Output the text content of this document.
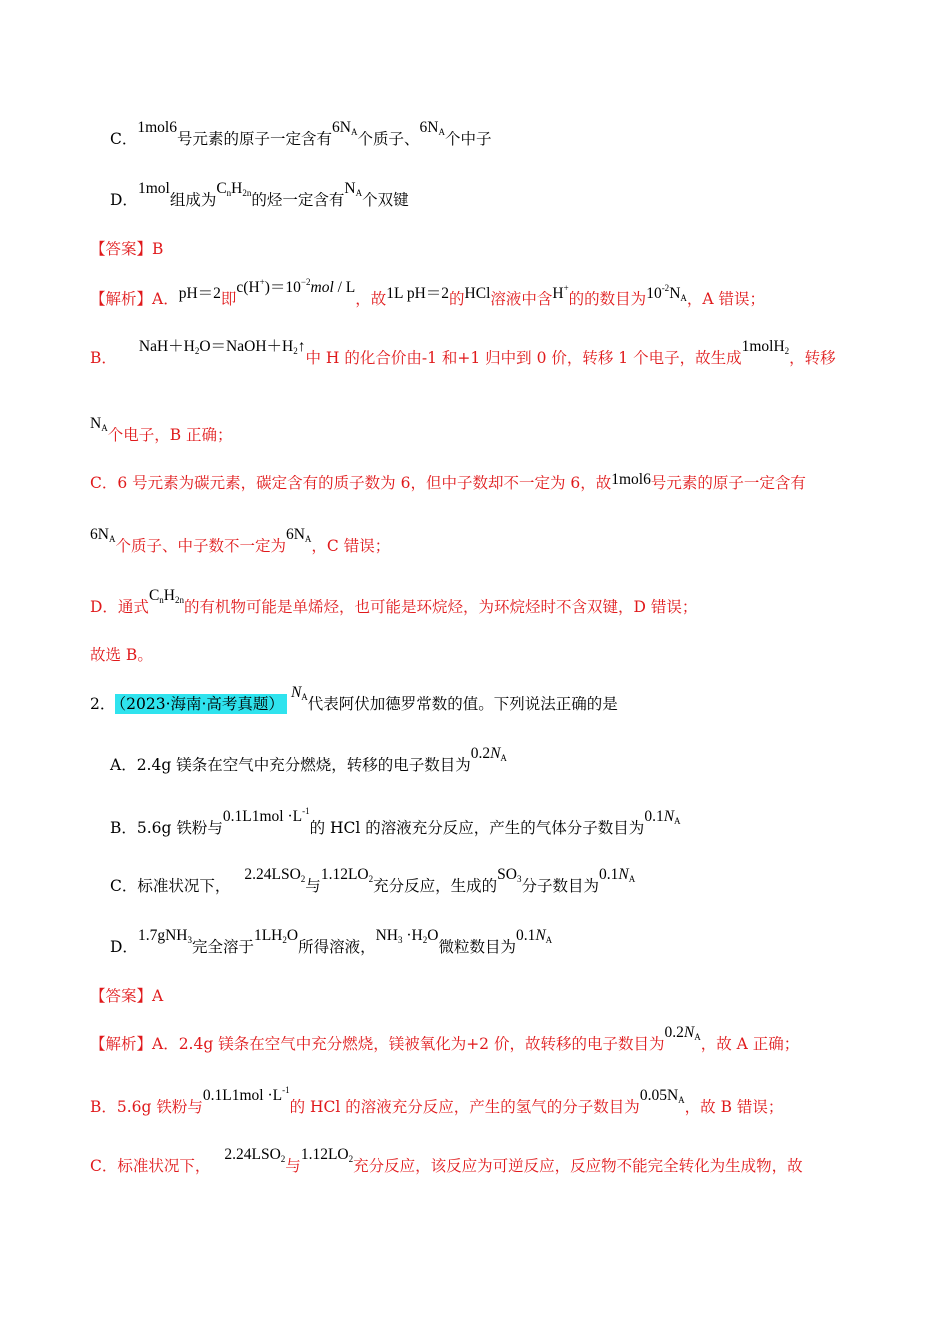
C．1mol6号元素的原子一定含有$6N_A$个质子、$6N_A$个中子
D．1mol组成为$C_nH_{2n}$的烃一定含有$N_A$个双键
【答案】B
【解析】A．pH＝2即$c(H^+)=10^{-2}mol / L$，故1L pH＝2的HCl溶液中含H+的的数目为$10^{-2}N_A$，A 错误；
B．$NaH+H_2O=NaOH+H_2↑$中 H 的化合价由-1 和+1 归中到 0 价，转移 1 个电子，故生成1molH$_2$，转移
$N_A$个电子，B 正确；
C．6 号元素为碳元素，碳定含有的质子数为 6，但中子数却不一定为 6，故1mol6号元素的原子一定含有
$6N_A$个质子、中子数不一定为$6N_A$，C 错误；
D．通式$C_nH_{2n}$的有机物可能是单烯烃，也可能是环烷烃，为环烷烃时不含双键，D 错误；
故选 B。
2． （2023·海南·高考真题）$N_A$代表阿伏加德罗常数的值。下列说法正确的是
A．2.4g 镁条在空气中充分燃烧，转移的电子数目为$0.2N_A$
B．5.6g 铁粉与$0.1L1mol \cdot L^{-1}$的 HCl 的溶液充分反应，产生的气体分子数目为$0.1N_A$
C．标准状况下，$2.24LSO_2$与$1.12LO_2$充分反应，生成的$SO_3$分子数目为$0.1N_A$
D．1.7gNH$_3$完全溶于$1LH_2O$所得溶液，$NH_3 \cdot H_2O$微粒数目为$0.1N_A$
【答案】A
【解析】A．2.4g 镁条在空气中充分燃烧，镁被氧化为+2 价，故转移的电子数目为$0.2N_A$，故 A 正确；
B．5.6g 铁粉与$0.1L1mol \cdot L^{-1}$的 HCl 的溶液充分反应，产生的氢气的分子数目为$0.05N_A$，故 B 错误；
C．标准状况下，$2.24LSO_2$与$1.12LO_2$充分反应，该反应为可逆反应，反应物不能完全转化为生成物，故
